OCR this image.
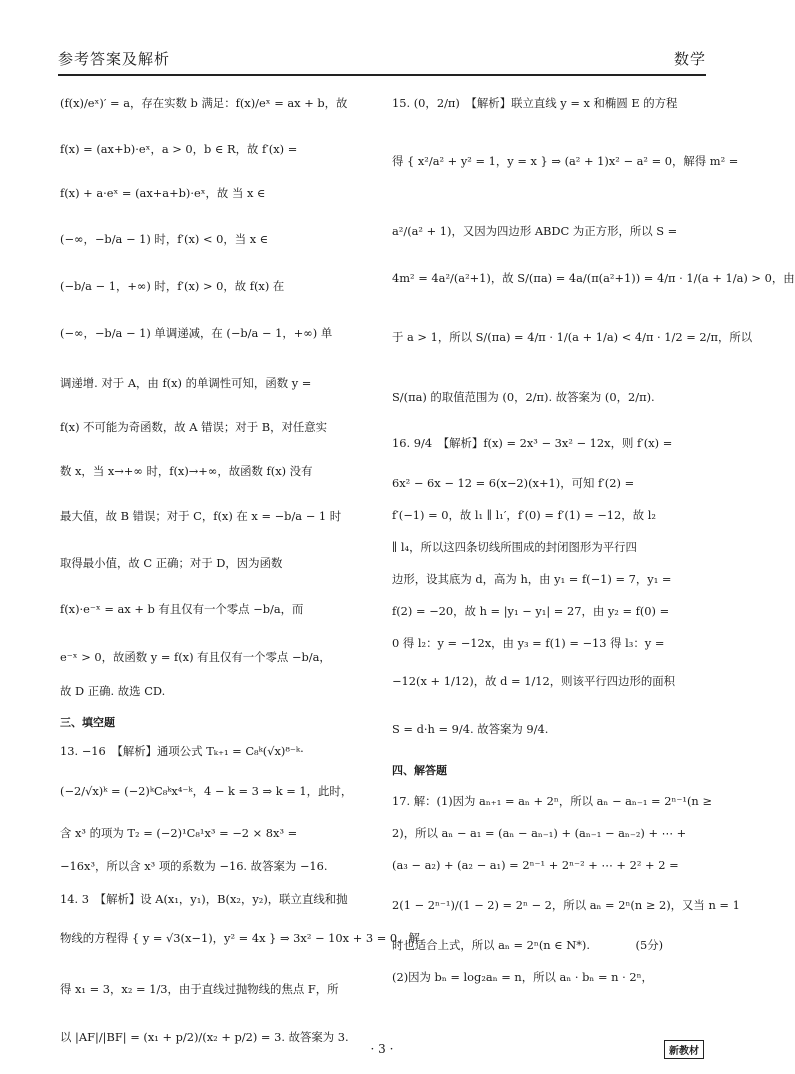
参考答案及解析	数学
(f(x)/eˣ)′ = a，存在实数 b 满足：f(x)/eˣ = ax + b，故
f(x) = (ax+b)·eˣ，a > 0，b ∈ R，故 f′(x) =
f(x) + a·eˣ = (ax+a+b)·eˣ，故 当 x ∈
(−∞，−b/a − 1) 时，f′(x) < 0，当 x ∈
(−b/a − 1，+∞) 时，f′(x) > 0，故 f(x) 在
(−∞，−b/a − 1) 单调递减，在 (−b/a − 1，+∞) 单
调递增. 对于 A，由 f(x) 的单调性可知，函数 y =
f(x) 不可能为奇函数，故 A 错误；对于 B，对任意实
数 x，当 x→+∞ 时，f(x)→+∞，故函数 f(x) 没有
最大值，故 B 错误；对于 C，f(x) 在 x = −b/a − 1 时
取得最小值，故 C 正确；对于 D，因为函数
f(x)·e⁻ˣ = ax + b 有且仅有一个零点 −b/a，而
e⁻ˣ > 0，故函数 y = f(x) 有且仅有一个零点 −b/a，
故 D 正确. 故选 CD.
三、填空题
13. −16　【解析】通项公式 Tₖ₊₁ = C₈ᵏ(√x)⁸⁻ᵏ·
(−2/√x)ᵏ = (−2)ᵏC₈ᵏx⁴⁻ᵏ，4 − k = 3 ⇒ k = 1，此时，
含 x³ 的项为 T₂ = (−2)¹C₈¹x³ = −2 × 8x³ =
−16x³，所以含 x³ 项的系数为 −16. 故答案为 −16.
14. 3　【解析】设 A(x₁，y₁)，B(x₂，y₂)，联立直线和抛
物线的方程得 { y = √3(x−1)，y² = 4x } ⇒ 3x² − 10x + 3 = 0，解
得 x₁ = 3，x₂ = 1/3，由于直线过抛物线的焦点 F，所
以 |AF|/|BF| = (x₁ + p/2)/(x₂ + p/2) = 3. 故答案为 3.
15. (0，2/π)　【解析】联立直线 y = x 和椭圆 E 的方程
得 { x²/a² + y² = 1，y = x } ⇒ (a² + 1)x² − a² = 0，解得 m² =
a²/(a² + 1)，又因为四边形 ABDC 为正方形，所以 S =
4m² = 4a²/(a²+1)，故 S/(πa) = 4a/(π(a²+1)) = 4/π · 1/(a + 1/a) > 0，由
于 a > 1，所以 S/(πa) = 4/π · 1/(a + 1/a) < 4/π · 1/2 = 2/π，所以
S/(πa) 的取值范围为 (0，2/π). 故答案为 (0，2/π).
16. 9/4　【解析】f(x) = 2x³ − 3x² − 12x，则 f′(x) =
6x² − 6x − 12 = 6(x−2)(x+1)，可知 f′(2) =
f′(−1) = 0，故 l₁ ∥ l₁′，f′(0) = f′(1) = −12，故 l₂
∥ l₄，所以这四条切线所围成的封闭图形为平行四
边形，设其底为 d，高为 h，由 y₁ = f(−1) = 7，y₁ =
f(2) = −20，故 h = |y₁ − y₁| = 27，由 y₂ = f(0) =
0 得 l₂：y = −12x，由 y₃ = f(1) = −13 得 l₃：y =
−12(x + 1/12)，故 d = 1/12，则该平行四边形的面积
S = d·h = 9/4. 故答案为 9/4.
四、解答题
17. 解：(1)因为 aₙ₊₁ = aₙ + 2ⁿ，所以 aₙ − aₙ₋₁ = 2ⁿ⁻¹(n ≥
2)，所以 aₙ − a₁ = (aₙ − aₙ₋₁) + (aₙ₋₁ − aₙ₋₂) + ⋯ +
(a₃ − a₂) + (a₂ − a₁) = 2ⁿ⁻¹ + 2ⁿ⁻² + ⋯ + 2² + 2 =
2(1 − 2ⁿ⁻¹)/(1 − 2) = 2ⁿ − 2，所以 aₙ = 2ⁿ(n ≥ 2)，又当 n = 1
时也适合上式，所以 aₙ = 2ⁿ(n ∈ N*).　　　　(5分)
(2)因为 bₙ = log₂aₙ = n，所以 aₙ · bₙ = n · 2ⁿ，
· 3 ·	新教材
